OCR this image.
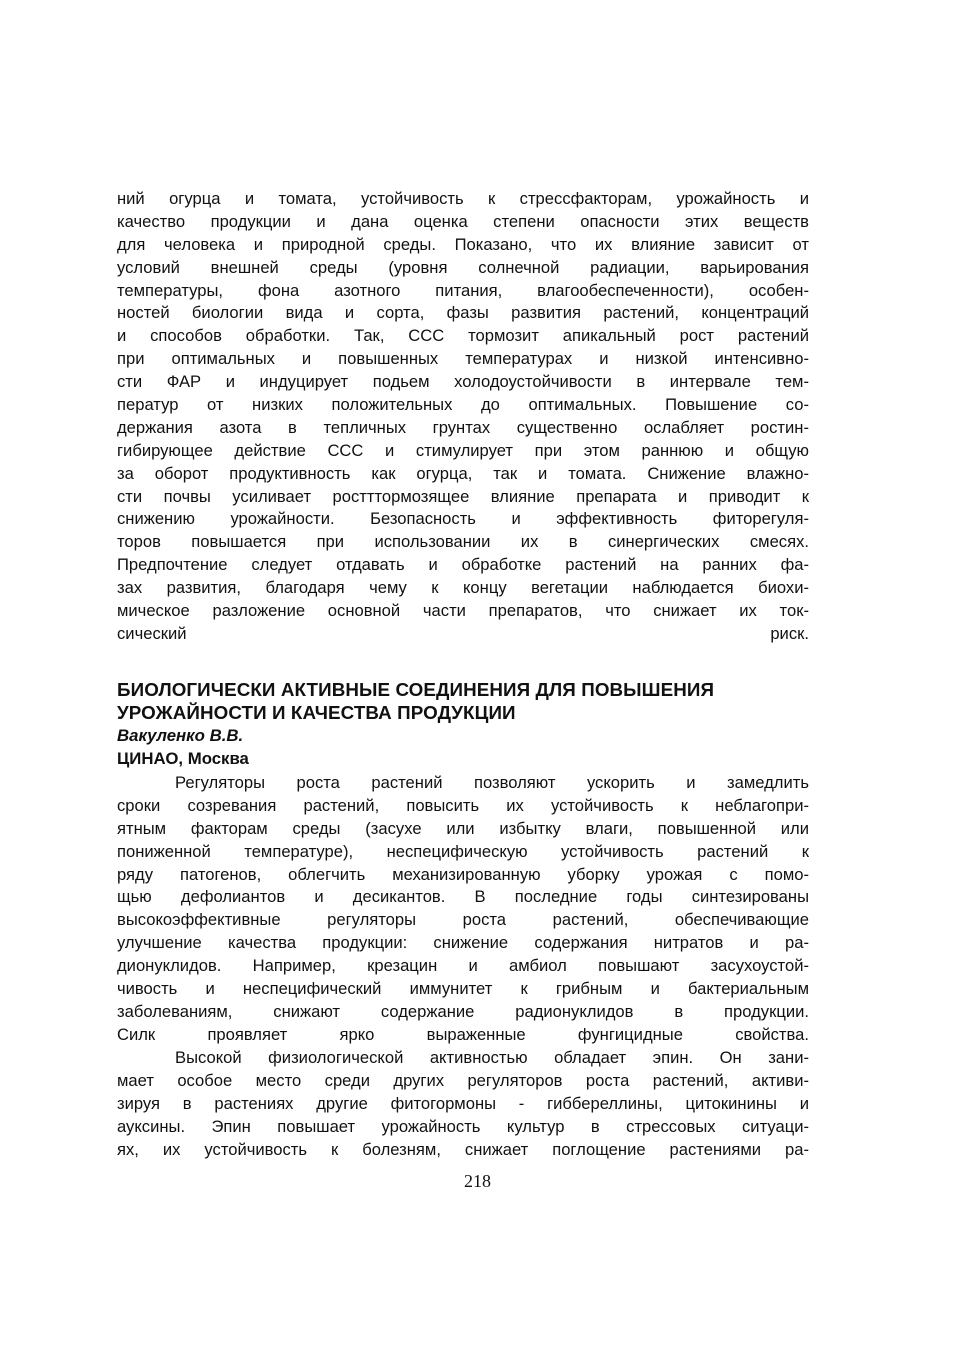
ний огурца и томата, устойчивость к стрессфакторам, урожайность и
качество продукции и дана оценка степени опасности этих веществ
для человека и природной среды. Показано, что их влияние зависит от
условий внешней среды (уровня солнечной радиации, варьирования
температуры, фона азотного питания, влагообеспеченности), особен-
ностей биологии вида и сорта, фазы развития растений, концентраций
и способов обработки. Так, ССС тормозит апикальный рост растений
при оптимальных и повышенных температурах и низкой интенсивно-
сти ФАР и индуцирует подьем холодоустойчивости в интервале тем-
ператур от низких положительных до оптимальных. Повышение со-
держания азота в тепличных грунтах существенно ослабляет ростин-
гибирующее действие ССС и стимулирует при этом раннюю и общую
за оборот продуктивность как огурца, так и томата. Снижение влажно-
сти почвы усиливает ростттормозящее влияние препарата и приводит к
снижению урожайности. Безопасность и эффективность фиторегуля-
торов повышается при использовании их в синергических смесях.
Предпочтение следует отдавать и обработке растений на ранних фа-
зах развития, благодаря чему к концу вегетации наблюдается биохи-
мическое разложение основной части препаратов, что снижает их ток-
сический риск.
БИОЛОГИЧЕСКИ АКТИВНЫЕ СОЕДИНЕНИЯ ДЛЯ ПОВЫШЕНИЯ
УРОЖАЙНОСТИ И КАЧЕСТВА ПРОДУКЦИИ
Вакуленко В.В.
ЦИНАО, Москва
Регуляторы роста растений позволяют ускорить и замедлить
сроки созревания растений, повысить их устойчивость к неблагопри-
ятным факторам среды (засухе или избытку влаги, повышенной или
пониженной температуре), неспецифическую устойчивость растений к
ряду патогенов, облегчить механизированную уборку урожая с помо-
щью дефолиантов и десикантов. В последние годы синтезированы
высокоэффективные регуляторы роста растений, обеспечивающие
улучшение качества продукции: снижение содержания нитратов и ра-
дионуклидов. Например, крезацин и амбиол повышают засухоустой-
чивость и неспецифический иммунитет к грибным и бактериальным
заболеваниям, снижают содержание радионуклидов в продукции.
Силк проявляет ярко выраженные фунгицидные свойства.
Высокой физиологической активностью обладает эпин. Он зани-
мает особое место среди других регуляторов роста растений, активи-
зируя в растениях другие фитогормоны - гиббереллины, цитокинины и
ауксины. Эпин повышает урожайность культур в стрессовых ситуаци-
ях, их устойчивость к болезням, снижает поглощение растениями ра-
218
